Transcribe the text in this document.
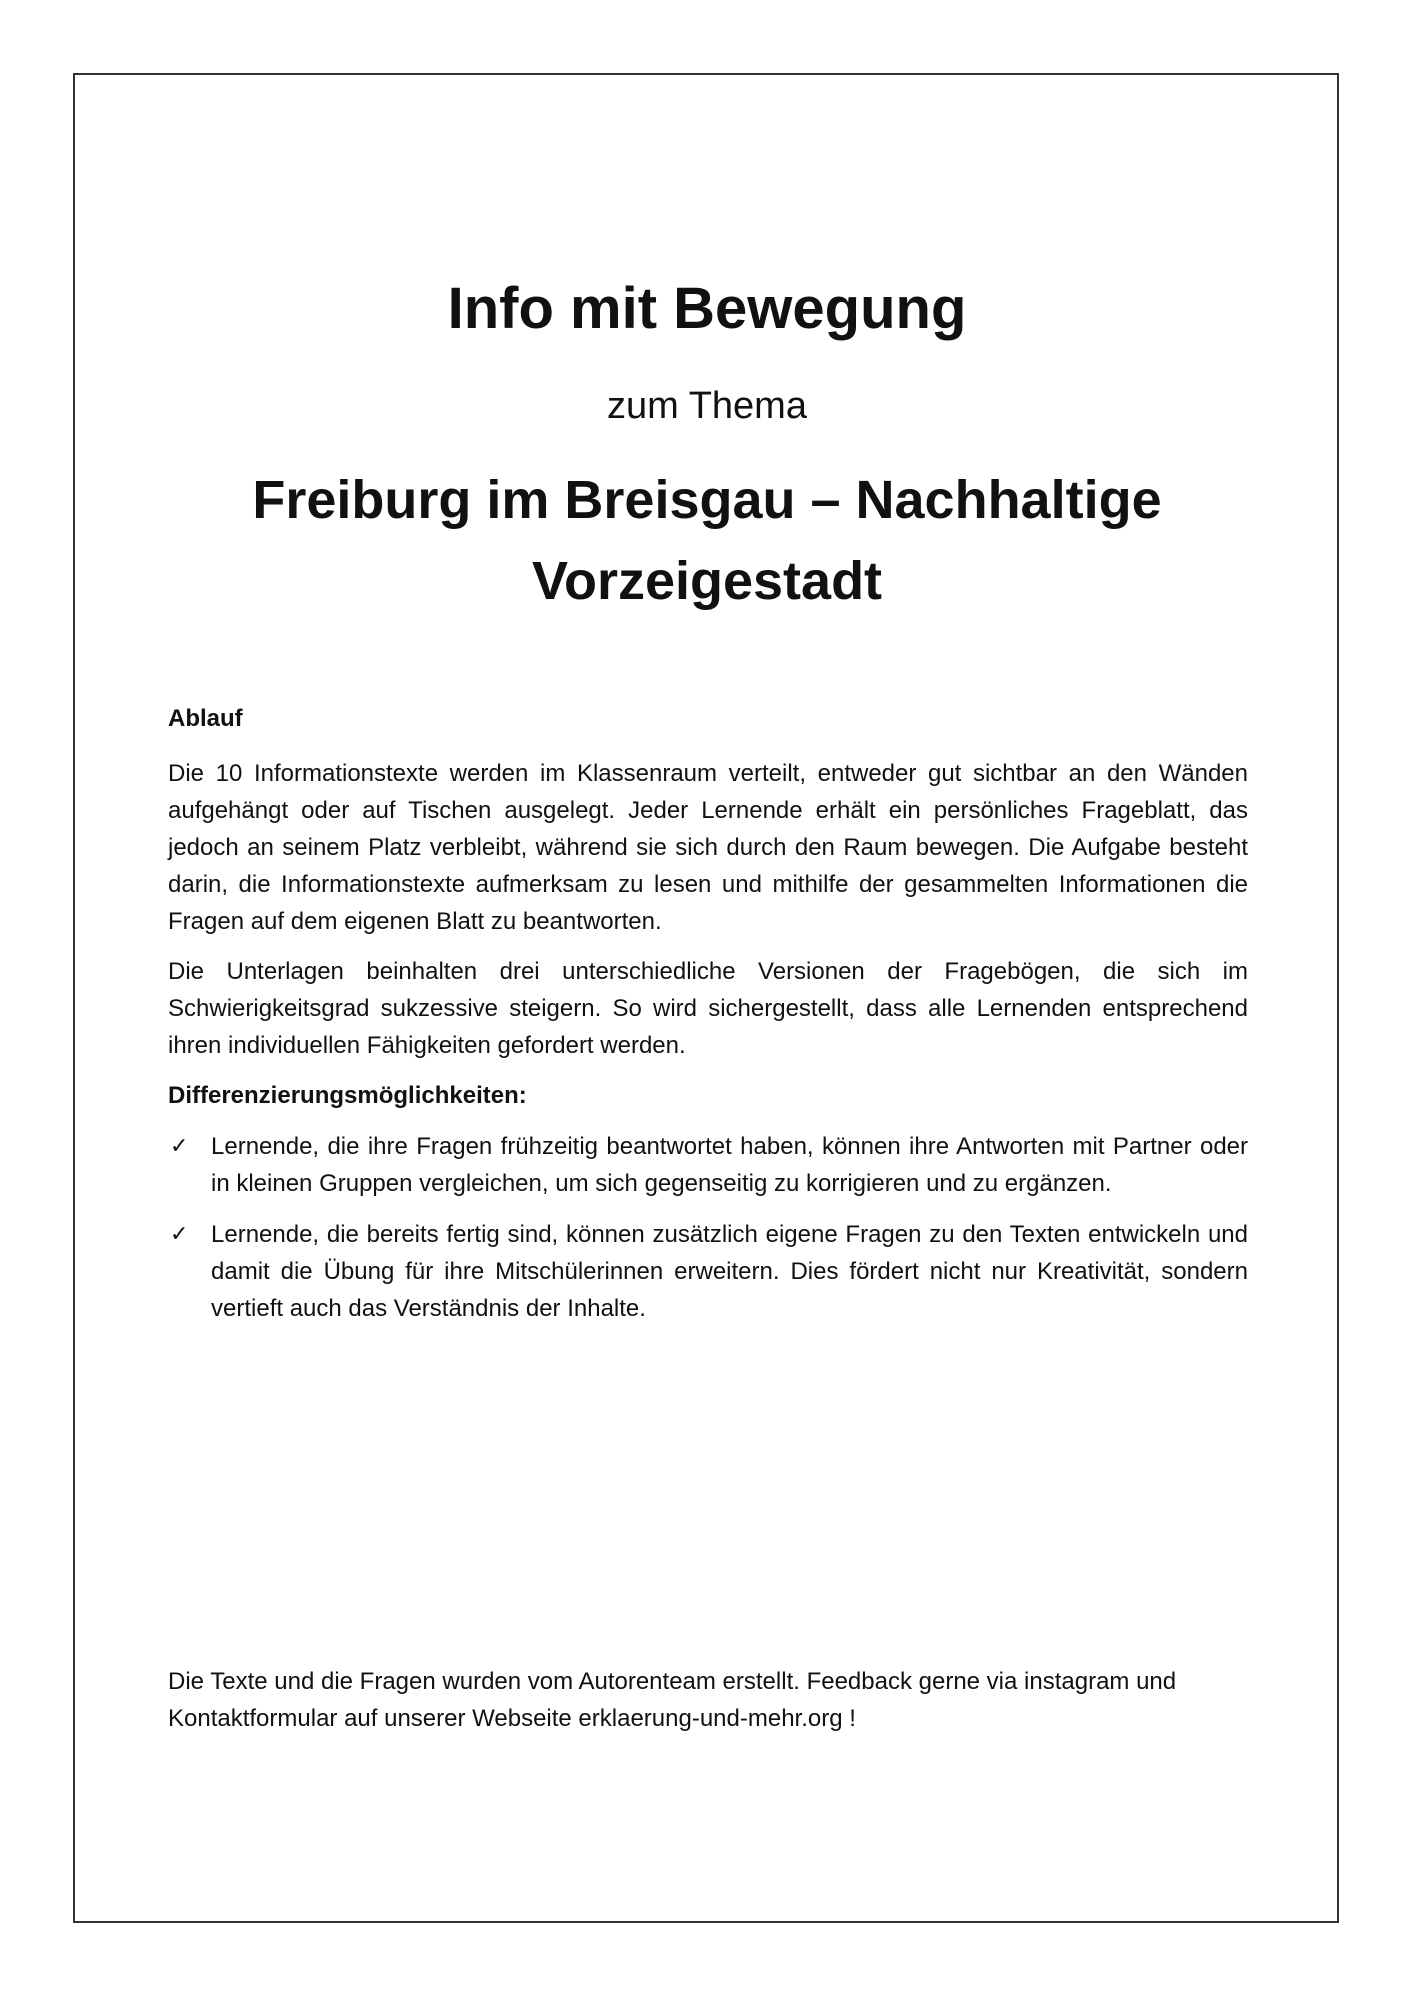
Info mit Bewegung

zum Thema

Freiburg im Breisgau – Nachhaltige Vorzeigestadt

Ablauf

Die 10 Informationstexte werden im Klassenraum verteilt, entweder gut sichtbar an den Wänden aufgehängt oder auf Tischen ausgelegt. Jeder Lernende erhält ein persönliches Frageblatt, das jedoch an seinem Platz verbleibt, während sie sich durch den Raum bewegen. Die Aufgabe besteht darin, die Informationstexte aufmerksam zu lesen und mithilfe der gesammelten Informationen die Fragen auf dem eigenen Blatt zu beantworten.

Die Unterlagen beinhalten drei unterschiedliche Versionen der Fragebögen, die sich im Schwierigkeitsgrad sukzessive steigern. So wird sichergestellt, dass alle Lernenden entsprechend ihren individuellen Fähigkeiten gefordert werden.

Differenzierungsmöglichkeiten:

✓ Lernende, die ihre Fragen frühzeitig beantwortet haben, können ihre Antworten mit Partner oder in kleinen Gruppen vergleichen, um sich gegenseitig zu korrigieren und zu ergänzen.
✓ Lernende, die bereits fertig sind, können zusätzlich eigene Fragen zu den Texten entwickeln und damit die Übung für ihre Mitschülerinnen erweitern. Dies fördert nicht nur Kreativität, sondern vertieft auch das Verständnis der Inhalte.

Die Texte und die Fragen wurden vom Autorenteam erstellt. Feedback gerne via instagram und Kontaktformular auf unserer Webseite erklaerung-und-mehr.org !
